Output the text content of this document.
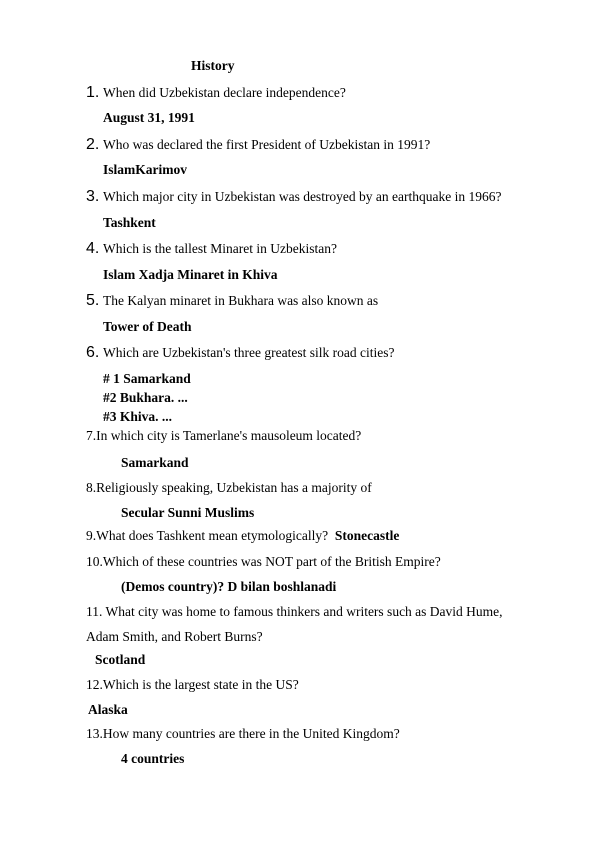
History
1. When did Uzbekistan declare independence?
August 31, 1991
2. Who was declared the first President of Uzbekistan in 1991?
IslamKarimov
3. Which major city in Uzbekistan was destroyed by an earthquake in 1966?
Tashkent
4. Which is the tallest Minaret in Uzbekistan?
Islam Xadja Minaret in Khiva
5. The Kalyan minaret in Bukhara was also known as
Tower of Death
6. Which are Uzbekistan's three greatest silk road cities?
# 1 Samarkand
#2 Bukhara. ...
#3 Khiva. ...
7.In which city is Tamerlane's mausoleum located?
Samarkand
8.Religiously speaking, Uzbekistan has a majority of
Secular Sunni Muslims
9.What does Tashkent mean etymologically? Stonecastle
10.Which of these countries was NOT part of the British Empire?
(Demos country)? D bilan boshlanadi
11. What city was home to famous thinkers and writers such as David Hume,
Adam Smith, and Robert Burns?
Scotland
12.Which is the largest state in the US?
Alaska
13.How many countries are there in the United Kingdom?
4 countries
